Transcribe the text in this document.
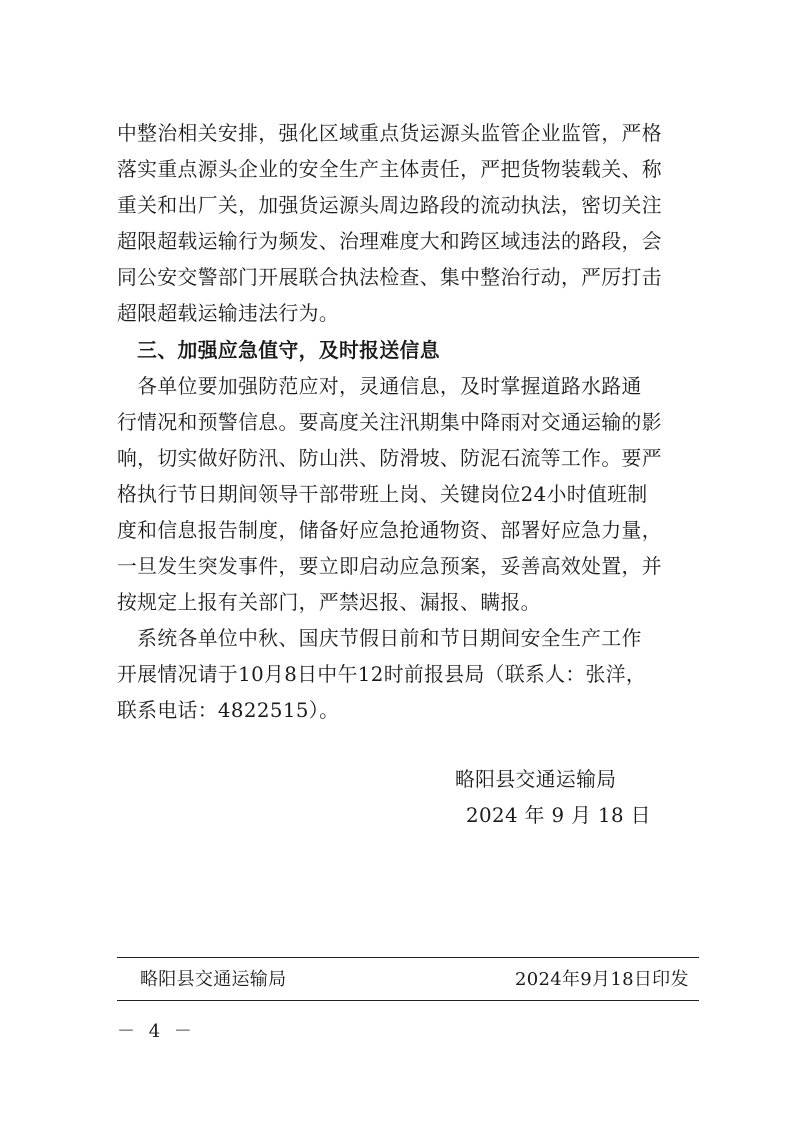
中整治相关安排，强化区域重点货运源头监管企业监管，严格
落实重点源头企业的安全生产主体责任，严把货物装载关、称
重关和出厂关，加强货运源头周边路段的流动执法，密切关注
超限超载运输行为频发、治理难度大和跨区域违法的路段，会
同公安交警部门开展联合执法检查、集中整治行动，严厉打击
超限超载运输违法行为。
　三、加强应急值守，及时报送信息
　各单位要加强防范应对，灵通信息，及时掌握道路水路通
行情况和预警信息。要高度关注汛期集中降雨对交通运输的影
响，切实做好防汛、防山洪、防滑坡、防泥石流等工作。要严
格执行节日期间领导干部带班上岗、关键岗位24小时值班制
度和信息报告制度，储备好应急抢通物资、部署好应急力量，
一旦发生突发事件，要立即启动应急预案，妥善高效处置，并
按规定上报有关部门，严禁迟报、漏报、瞒报。
　系统各单位中秋、国庆节假日前和节日期间安全生产工作
开展情况请于10月8日中午12时前报县局（联系人：张洋，
联系电话：4822515）。
略阳县交通运输局
2024 年 9 月 18 日
略阳县交通运输局	2024年9月18日印发
－ 4 －
